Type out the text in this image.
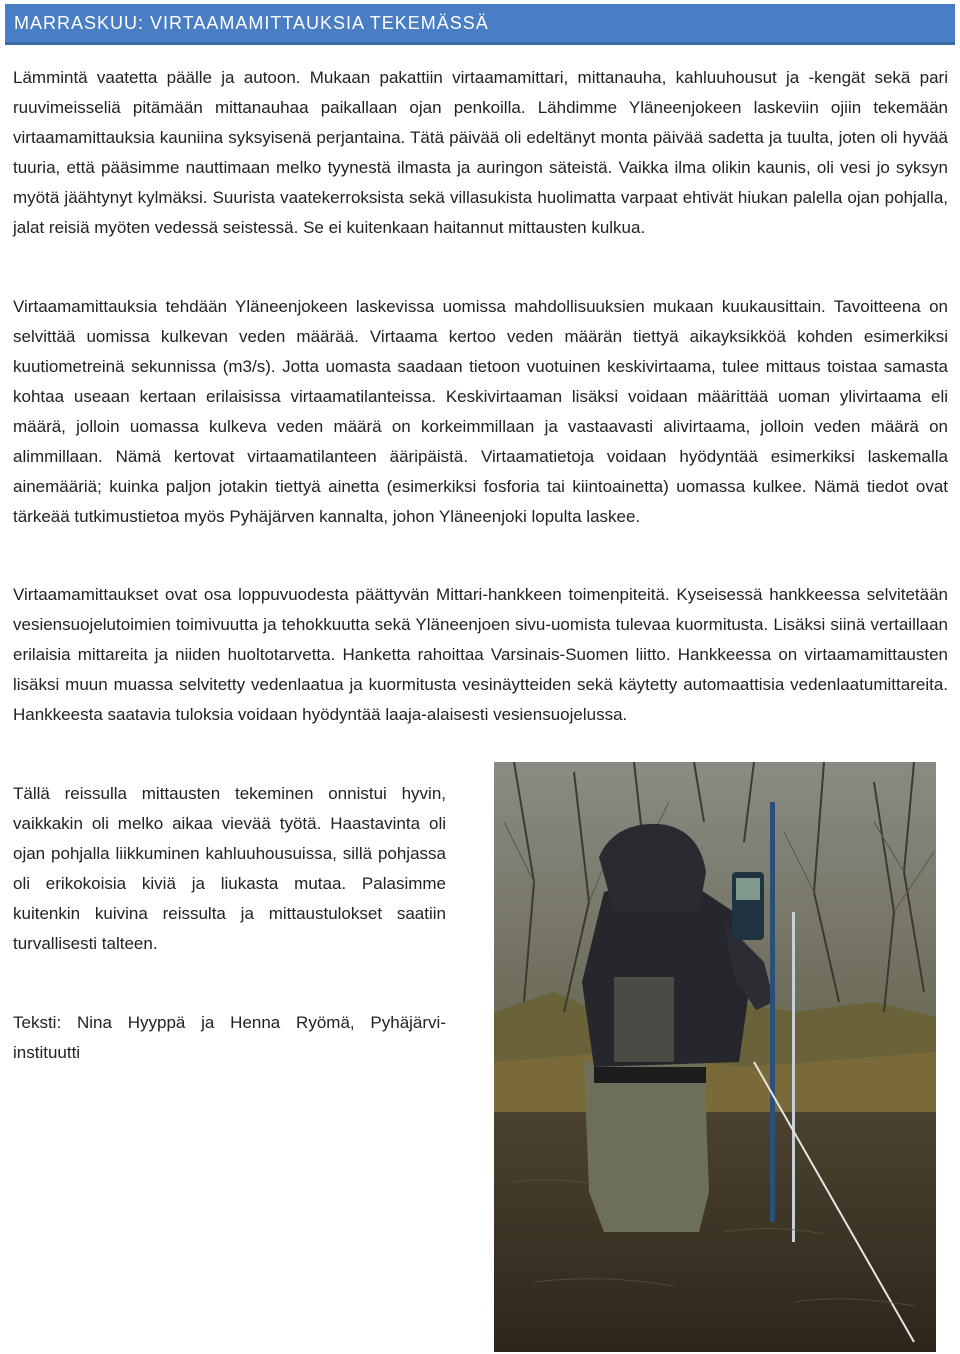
MARRASKUU: VIRTAAMAMITTAUKSIA TEKEMÄSSÄ

Lämmintä vaatetta päälle ja autoon. Mukaan pakattiin virtaamamittari, mittanauha, kahluuhousut ja -kengät sekä pari ruuvimeisseliä pitämään mittanauhaa paikallaan ojan penkoilla. Lähdimme Yläneenjokeen laskeviin ojiin tekemään virtaamamittauksia kauniina syksyisenä perjantaina. Tätä päivää oli edeltänyt monta päivää sadetta ja tuulta, joten oli hyvää tuuria, että pääsimme nauttimaan melko tyynestä ilmasta ja auringon säteistä. Vaikka ilma olikin kaunis, oli vesi jo syksyn myötä jäähtynyt kylmäksi. Suurista vaatekerroksista sekä villasukista huolimatta varpaat ehtivät hiukan palella ojan pohjalla, jalat reisiä myöten vedessä seistessä. Se ei kuitenkaan haitannut mittausten kulkua.

Virtaamamittauksia tehdään Yläneenjokeen laskevissa uomissa mahdollisuuksien mukaan kuukausittain. Tavoitteena on selvittää uomissa kulkevan veden määrää. Virtaama kertoo veden määrän tiettyä aikayksikköä kohden esimerkiksi kuutiometreinä sekunnissa (m3/s). Jotta uomasta saadaan tietoon vuotuinen keskivirtaama, tulee mittaus toistaa samasta kohtaa useaan kertaan erilaisissa virtaamatilanteissa. Keskivirtaaman lisäksi voidaan määrittää uoman ylivirtaama eli määrä, jolloin uomassa kulkeva veden määrä on korkeimmillaan ja vastaavasti alivirtaama, jolloin veden määrä on alimmillaan. Nämä kertovat virtaamatilanteen ääripäistä. Virtaamatietoja voidaan hyödyntää esimerkiksi laskemalla ainemääriä; kuinka paljon jotakin tiettyä ainetta (esimerkiksi fosforia tai kiintoainetta) uomassa kulkee. Nämä tiedot ovat tärkeää tutkimustietoa myös Pyhäjärven kannalta, johon Yläneenjoki lopulta laskee.

Virtaamamittaukset ovat osa loppuvuodesta päättyvän Mittari-hankkeen toimenpiteitä. Kyseisessä hankkeessa selvitetään vesiensuojelutoimien toimivuutta ja tehokkuutta sekä Yläneenjoen sivu-uomista tulevaa kuormitusta. Lisäksi siinä vertaillaan erilaisia mittareita ja niiden huoltotarvetta. Hanketta rahoittaa Varsinais-Suomen liitto. Hankkeessa on virtaamamittausten lisäksi muun muassa selvitetty vedenlaatua ja kuormitusta vesinäytteiden sekä käytetty automaattisia vedenlaatumittareita. Hankkeesta saatavia tuloksia voidaan hyödyntää laaja-alaisesti vesiensuojelussa.

Tällä reissulla mittausten tekeminen onnistui hyvin, vaikkakin oli melko aikaa vievää työtä. Haastavinta oli ojan pohjalla liikkuminen kahluuhousuissa, sillä pohjassa oli erikokoisia kiviä ja liukasta mutaa. Palasimme kuitenkin kuivina reissulta ja mittaustulokset saatiin turvallisesti talteen.

Teksti: Nina Hyyppä ja Henna Ryömä, Pyhäjärvi-instituutti
